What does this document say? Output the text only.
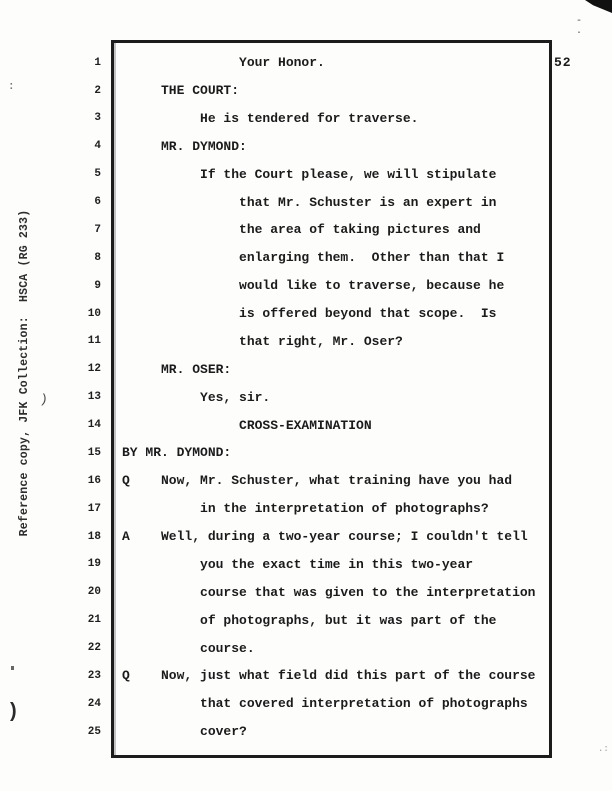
-
.
:
)
)
.:
Reference copy, JFK Collection:  HSCA (RG 233)
52
1
2
3
4
5
6
7
8
9
10
11
12
13
14
15
16
17
18
19
20
21
22
23
24
25
Your Honor.
THE COURT:
He is tendered for traverse.
MR. DYMOND:
If the Court please, we will stipulate
that Mr. Schuster is an expert in
the area of taking pictures and
enlarging them.  Other than that I
would like to traverse, because he
is offered beyond that scope.  Is
that right, Mr. Oser?
MR. OSER:
Yes, sir.
CROSS-EXAMINATION
BY MR. DYMOND:
Q    Now, Mr. Schuster, what training have you had
in the interpretation of photographs?
A    Well, during a two-year course; I couldn't tell
you the exact time in this two-year
course that was given to the interpretation
of photographs, but it was part of the
course.
Q    Now, just what field did this part of the course
that covered interpretation of photographs
cover?
